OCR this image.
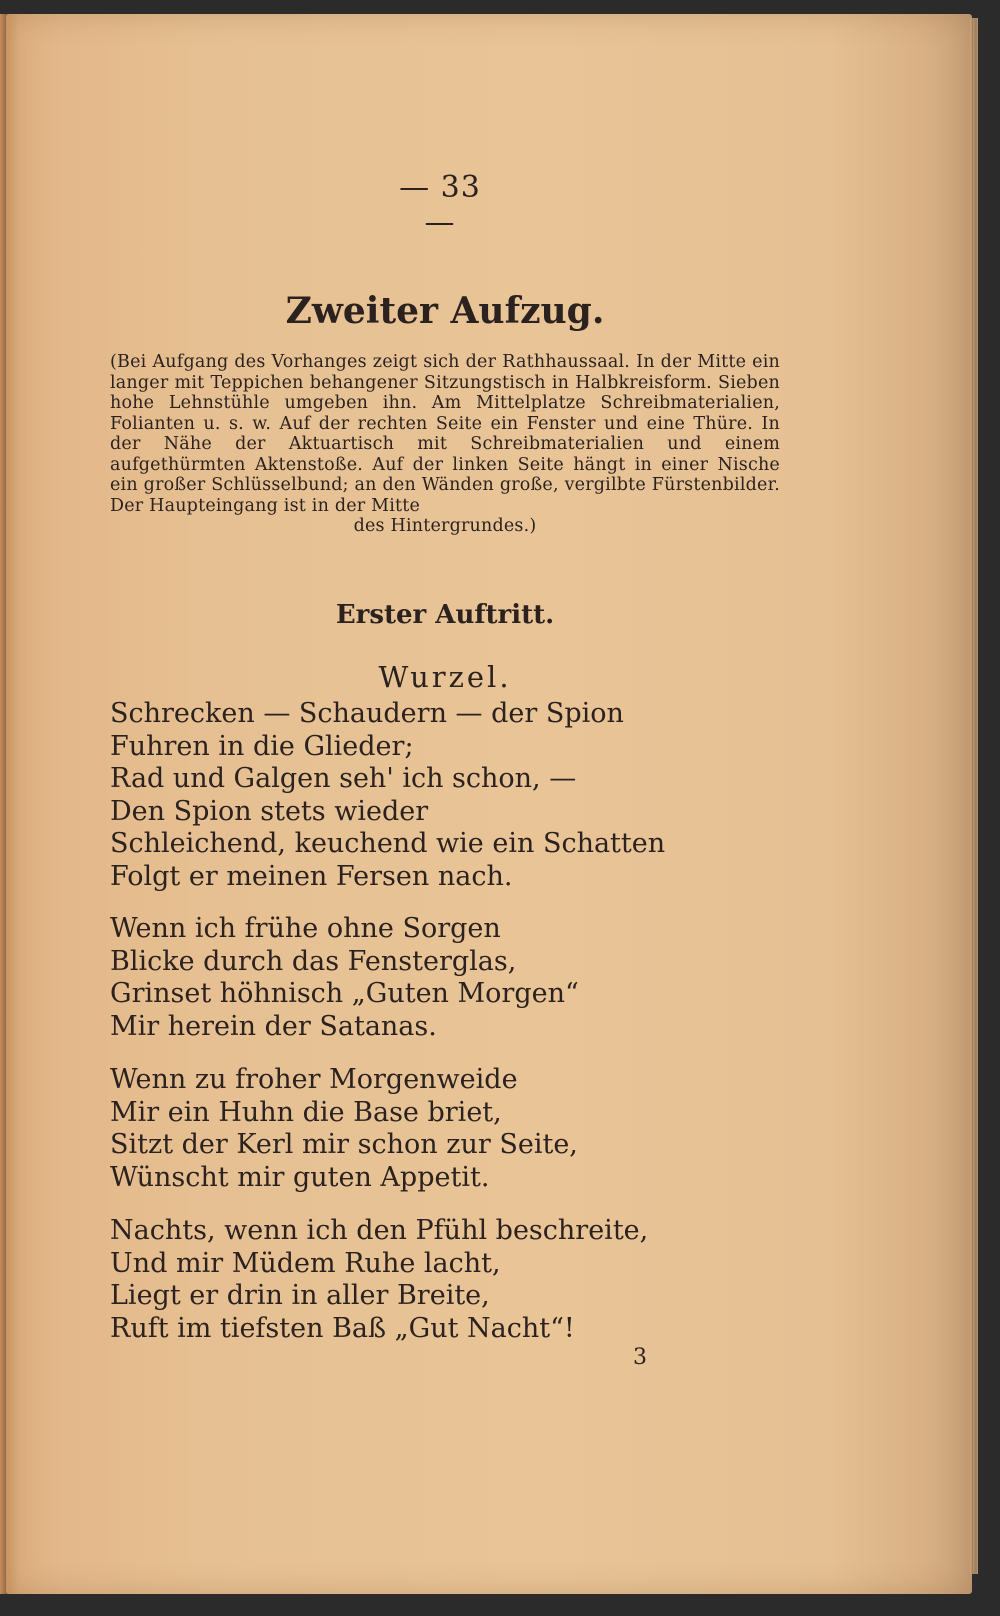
— 33 —
Zweiter Aufzug.
(Bei Aufgang des Vorhanges zeigt sich der Rathhaussaal. In der Mitte ein langer mit Teppichen behangener Sitzungstisch in Halbkreisform. Sieben hohe Lehnstühle umgeben ihn. Am Mittelplatze Schreibmaterialien, Folianten u. s. w. Auf der rechten Seite ein Fenster und eine Thüre. In der Nähe der Aktuartisch mit Schreibmaterialien und einem aufgethürmten Aktenstoße. Auf der linken Seite hängt in einer Nische ein großer Schlüsselbund; an den Wänden große, vergilbte Fürstenbilder. Der Haupteingang ist in der Mitte
des Hintergrundes.)
Erster Auftritt.
Wurzel.
Schrecken — Schaudern — der Spion
Fuhren in die Glieder;
Rad und Galgen seh' ich schon, —
Den Spion stets wieder
Schleichend, keuchend wie ein Schatten
Folgt er meinen Fersen nach.
Wenn ich frühe ohne Sorgen
Blicke durch das Fensterglas,
Grinset höhnisch „Guten Morgen“
Mir herein der Satanas.
Wenn zu froher Morgenweide
Mir ein Huhn die Base briet,
Sitzt der Kerl mir schon zur Seite,
Wünscht mir guten Appetit.
Nachts, wenn ich den Pfühl beschreite,
Und mir Müdem Ruhe lacht,
Liegt er drin in aller Breite,
Ruft im tiefsten Baß „Gut Nacht“!
3
